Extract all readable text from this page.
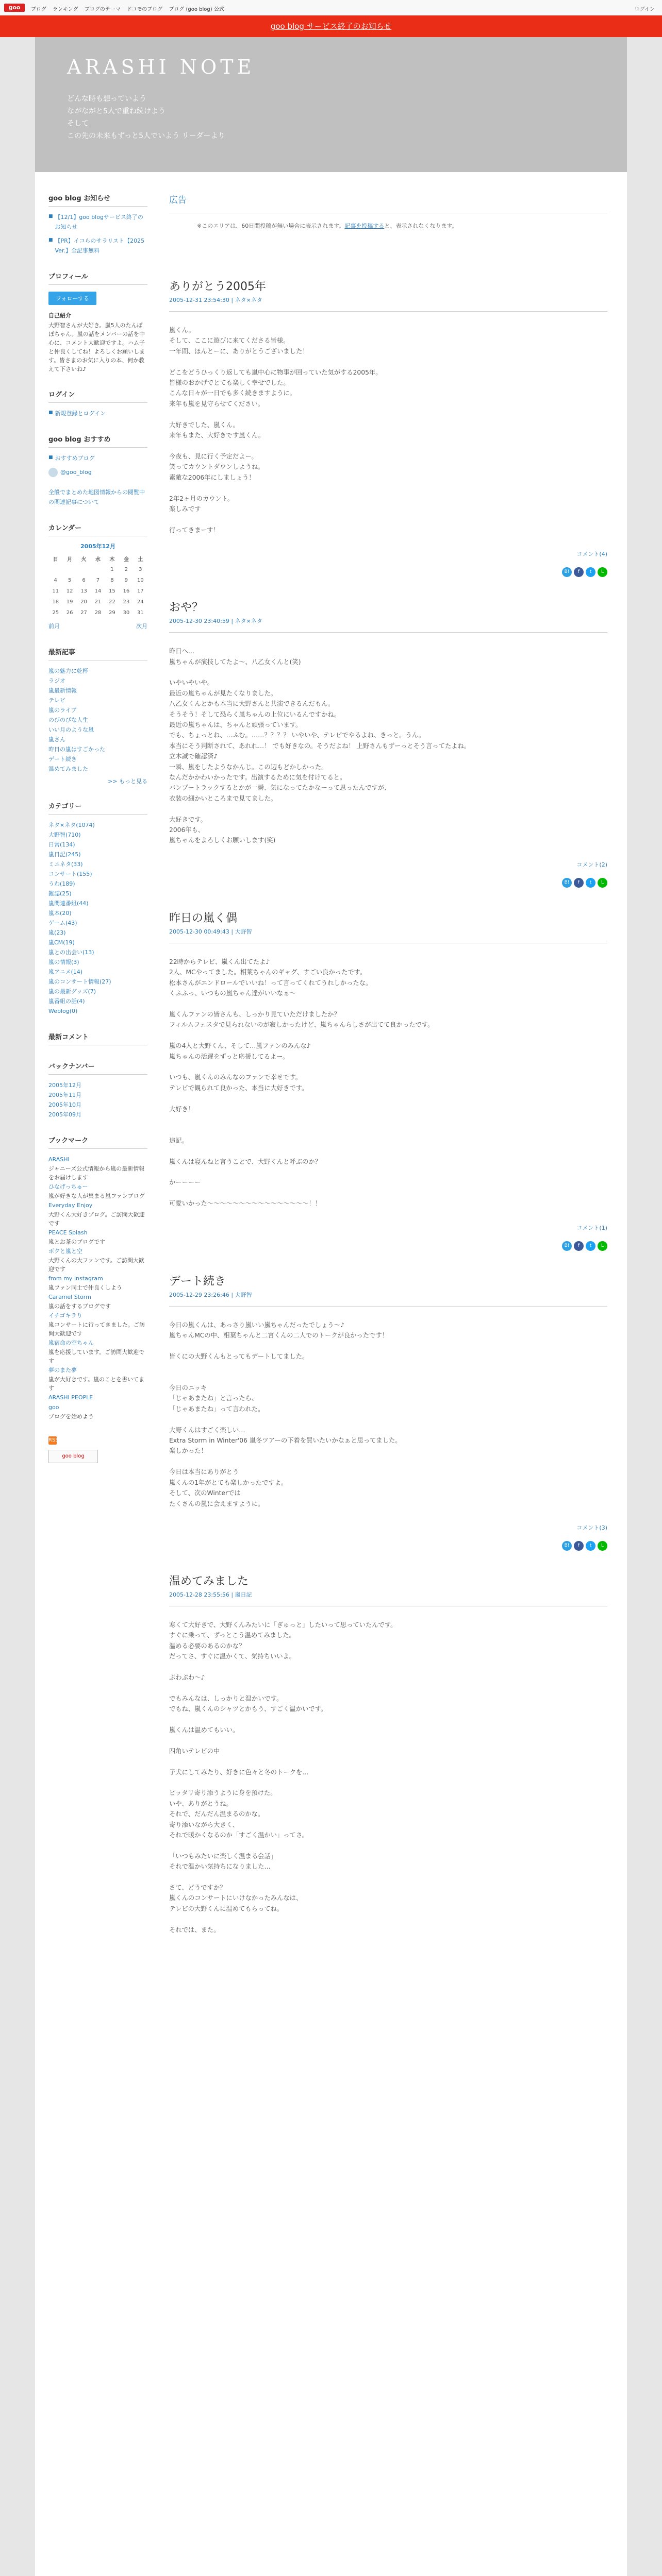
goo	ブログ ランキング ブログのテーマ ドコモのブログ ブログ (goo blog) 公式	ログイン
goo blog サービス終了のお知らせ
ARASHI NOTE
どんな時も想っていよう
ながながと5人で重ね続けよう
そして
この先の未来もずっと5人でいよう リーダーより
goo blog お知らせ
■ 【12/1】goo blogサービス終了のお知らせ
■ 【PR】イコらのサラリスト【2025 Ver.】全記事無料
プロフィール
フォローする
自己紹介
大野智さんが大好き。嵐5人のたんぽぽちゃん。嵐の話をメンバーの話を中心に、コメント大歓迎ですよ。ハム子と仲良くしてね！よろしくお願いします。皆さまのお気に入りの本、何か教えて下さいね♪
ログイン
■ 新規登録とログイン
goo blog おすすめ
■ おすすめブログ
@goo_blog
全般でまとめた地図情報からの閲覧中の関連記事について
カレンダー
2005年12月
日	月	火	水	木	金	土
				1	2	3
4	5	6	7	8	9	10
11	12	13	14	15	16	17
18	19	20	21	22	23	24
25	26	27	28	29	30	31
前月	次月
最新記事
嵐の魅力に乾杯
ラジオ
嵐最新情報
テレビ
嵐のライブ
のびのびな人生
いい月のような嵐
嵐さん
昨日の嵐はすごかった
デート続き
温めてみました
>> もっと見る
カテゴリー
ネタ×ネタ(1074)
大野智(710)
日常(134)
嵐日記(245)
ミニネタ(33)
コンサート(155)
うわ(189)
雑誌(25)
嵐関連番組(44)
嵐本(20)
ゲーム(43)
嵐(23)
嵐CM(19)
嵐との出会い(13)
嵐の情報(3)
嵐アニメ(14)
嵐のコンサート情報(27)
嵐の最新グッズ(7)
嵐番組の話(4)
Weblog(0)
最新コメント
バックナンバー
2005年12月
2005年11月
2005年10月
2005年09月
ブックマーク
ARASHI
ジャニーズ公式情報から嵐の最新情報をお届けします
ひなげっちゅー
嵐が好きな人が集まる嵐ファンブログ
Everyday Enjoy
大野くん大好きブログ。ご訪問大歓迎です
PEACE Splash
嵐とお茶のブログです
ボクと嵐と空
大野くんの大ファンです。ご訪問大歓迎です
from my Instagram
嵐ファン同士で仲良くしよう
Caramel Storm
嵐の話をするブログです
イチゴキラり
嵐コンサートに行ってきました。ご訪問大歓迎です
嵐宿命の空ちゃん
嵐を応援しています。ご訪問大歓迎です
夢のまた夢
嵐が大好きです。嵐のことを書いてます
ARASHI PEOPLE
goo
ブログを始めよう
RSS
goo blog
広告
※このエリアは、60日間投稿が無い場合に表示されます。記事を投稿すると、表示されなくなります。
ありがとう2005年
2005-12-31 23:54:30 | ネタ×ネタ
嵐くん。
そして、ここに遊びに来てくださる皆様。
一年間、ほんとーに、ありがとうございました！

どこをどうひっくり返しても嵐中心に物事が回っていた気がする2005年。
皆様のおかげでとても楽しく幸せでした。
こんな日々が一日でも多く続きますように。
来年も嵐を見守らせてください。

大好きでした、嵐くん。
来年もまた、大好きです嵐くん。

今夜も、見に行く予定だよー。
笑ってカウントダウンしようね。
素敵な2006年にしましょう！

2年2ヶ月のカウント。
楽しみです

行ってきまーす！
コメント(4)
B!	f	t	L
おや？
2005-12-30 23:40:59 | ネタ×ネタ
昨日へ…
嵐ちゃんが演技してたよ〜、八乙女くんと(笑)

いやいやいや。
最近の嵐ちゃんが見たくなりました。
八乙女くんとかも本当に大野さんと共演できるんだもん。
そうそう！そして恐らく嵐ちゃんの上位にいるんですかね。
最近の嵐ちゃんは、ちゃんと頑張っています。
でも、ちょっとね、…ふむ。……？？？？ いやいや、テレビでやるよね、きっと。うん。
本当にそう判断されて、あれれ…！ でも好きなの。そうだよね！ 上野さんもずーっとそう言ってたよね。
立木誠で確認済♪
一瞬、嵐をしたようなかんじ。この辺もどかしかった。
なんだかかわいかったです。出演するために気を付けてると。
バンプートラックするとかが一瞬、気になってたかなーって思ったんですが、
衣装の細かいところまで見てました。

大好きです。
2006年も、
嵐ちゃんをよろしくお願いします(笑)
コメント(2)
B!	f	t	L
昨日の嵐く偶
2005-12-30 00:49:43 | 大野智
22時からテレビ、嵐くん出てたよ♪
2人、MCやってました。相葉ちゃんのギャグ、すごい良かったです。
松本さんがエンドロールでいいね！って言ってくれてうれしかったな。
くふふっ、いつもの嵐ちゃん達がいいなぁ〜

嵐くんファンの皆さんも、しっかり見ていただけましたか？
フィルムフェスタで見られないのが寂しかったけど、嵐ちゃんらしさが出てて良かったです。

嵐の4人と大野くん、そして…嵐ファンのみんな♪
嵐ちゃんの活躍をずっと応援してるよー。

いつも、嵐くんのみんなのファンで幸せです。
テレビで観られて良かった、本当に大好きです。

大好き！

追記。

嵐くんは寝んねと言うことで、大野くんと呼ぶのか？

かーーーー

可愛いかった〜〜〜〜〜〜〜〜〜〜〜〜〜〜〜〜！！
コメント(1)
B!	f	t	L
デート続き
2005-12-29 23:26:46 | 大野智
今日の嵐くんは、あっさり嵐いい嵐ちゃんだったでしょう～♪
嵐ちゃんMCの中、相葉ちゃんと二宮くんの二人でのトークが良かったです！

皆くにの大野くんもとってもデートしてました。

今日のニッキ
「じゃあまたね」と言ったら、
「じゃあまたね」って言われた。

大野くんはすごく楽しい…
Extra Storm in Winter'06 嵐冬ツアーの下着を買いたいかなぁと思ってました。
楽しかった！

今日は本当にありがとう
嵐くんの1年がとても楽しかったですよ。
そして、次のWinterでは
たくさんの嵐に会えますように。
コメント(3)
B!	f	t	L
温めてみました
2005-12-28 23:55:56 | 嵐日記
寒くて大好きで、大野くんみたいに「ぎゅっと」したいって思っていたんです。
すぐに乗って、ずっとこう温めてみました。
温める必要のあるのかな？
だってさ、すぐに温かくて、気持ちいいよ。

ぷわぷわ〜♪

でもみんなは、しっかりと温かいです。
でもね、嵐くんのシャツとかもう、すごく温かいです。

嵐くんは温めてもいい。

四角いテレビの中

子犬にしてみたり、好きに色々と冬のトークを…

ピッタリ寄り添うように身を預けた。
いや、ありがとうね。
それで、だんだん温まるのかな。
寄り添いながら大きく、
それで暖かくなるのか「すごく温かい」ってさ。

「いつもみたいに楽しく温まる会話」
それで温かい気持ちになりました…

さて、どうですか？
嵐くんのコンサートにいけなかったみんなは、
テレビの大野くんに温めてもらってね。

それでは、また。
